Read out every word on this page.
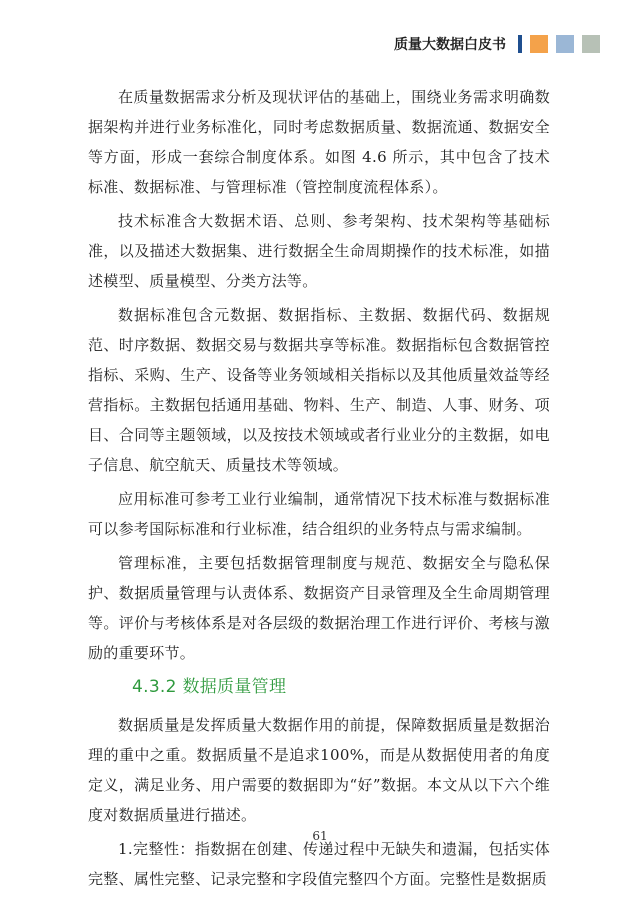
质量大数据白皮书

在质量数据需求分析及现状评估的基础上，围绕业务需求明确数据架构并进行业务标准化，同时考虑数据质量、数据流通、数据安全等方面，形成一套综合制度体系。如图 4.6 所示，其中包含了技术标准、数据标准、与管理标准（管控制度流程体系）。

技术标准含大数据术语、总则、参考架构、技术架构等基础标准，以及描述大数据集、进行数据全生命周期操作的技术标准，如描述模型、质量模型、分类方法等。

数据标准包含元数据、数据指标、主数据、数据代码、数据规范、时序数据、数据交易与数据共享等标准。数据指标包含数据管控指标、采购、生产、设备等业务领域相关指标以及其他质量效益等经营指标。主数据包括通用基础、物料、生产、制造、人事、财务、项目、合同等主题领域，以及按技术领域或者行业业分的主数据，如电子信息、航空航天、质量技术等领域。

应用标准可参考工业行业编制，通常情况下技术标准与数据标准可以参考国际标准和行业标准，结合组织的业务特点与需求编制。

管理标准，主要包括数据管理制度与规范、数据安全与隐私保护、数据质量管理与认责体系、数据资产目录管理及全生命周期管理等。评价与考核体系是对各层级的数据治理工作进行评价、考核与激励的重要环节。

4.3.2 数据质量管理

数据质量是发挥质量大数据作用的前提，保障数据质量是数据治理的重中之重。数据质量不是追求100%，而是从数据使用者的角度定义，满足业务、用户需要的数据即为“好”数据。本文从以下六个维度对数据质量进行描述。

1.完整性：指数据在创建、传递过程中无缺失和遗漏，包括实体完整、属性完整、记录完整和字段值完整四个方面。完整性是数据质

61
